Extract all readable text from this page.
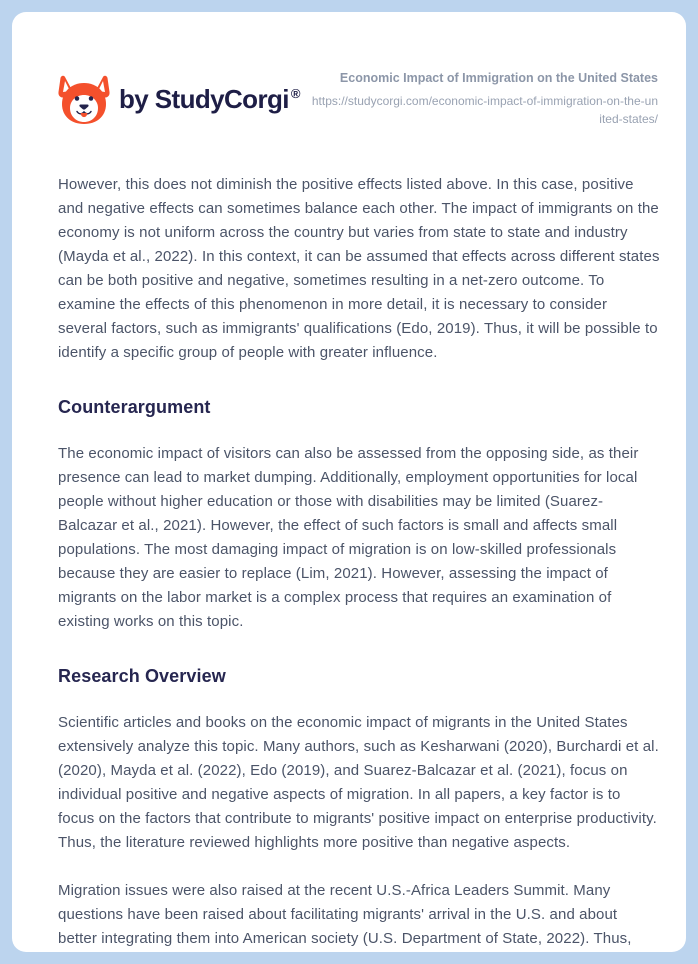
by StudyCorgi ®
Economic Impact of Immigration on the United States
https://studycorgi.com/economic-impact-of-immigration-on-the-united-states/

However, this does not diminish the positive effects listed above. In this case, positive and negative effects can sometimes balance each other. The impact of immigrants on the economy is not uniform across the country but varies from state to state and industry (Mayda et al., 2022). In this context, it can be assumed that effects across different states can be both positive and negative, sometimes resulting in a net-zero outcome. To examine the effects of this phenomenon in more detail, it is necessary to consider several factors, such as immigrants' qualifications (Edo, 2019). Thus, it will be possible to identify a specific group of people with greater influence.

Counterargument

The economic impact of visitors can also be assessed from the opposing side, as their presence can lead to market dumping. Additionally, employment opportunities for local people without higher education or those with disabilities may be limited (Suarez-Balcazar et al., 2021). However, the effect of such factors is small and affects small populations. The most damaging impact of migration is on low-skilled professionals because they are easier to replace (Lim, 2021). However, assessing the impact of migrants on the labor market is a complex process that requires an examination of existing works on this topic.

Research Overview

Scientific articles and books on the economic impact of migrants in the United States extensively analyze this topic. Many authors, such as Kesharwani (2020), Burchardi et al. (2020), Mayda et al. (2022), Edo (2019), and Suarez-Balcazar et al. (2021), focus on individual positive and negative aspects of migration. In all papers, a key factor is to focus on the factors that contribute to migrants' positive impact on enterprise productivity. Thus, the literature reviewed highlights more positive than negative aspects.

Migration issues were also raised at the recent U.S.-Africa Leaders Summit. Many questions have been raised about facilitating migrants' arrival in the U.S. and about better integrating them into American society (U.S. Department of State, 2022). Thus,
